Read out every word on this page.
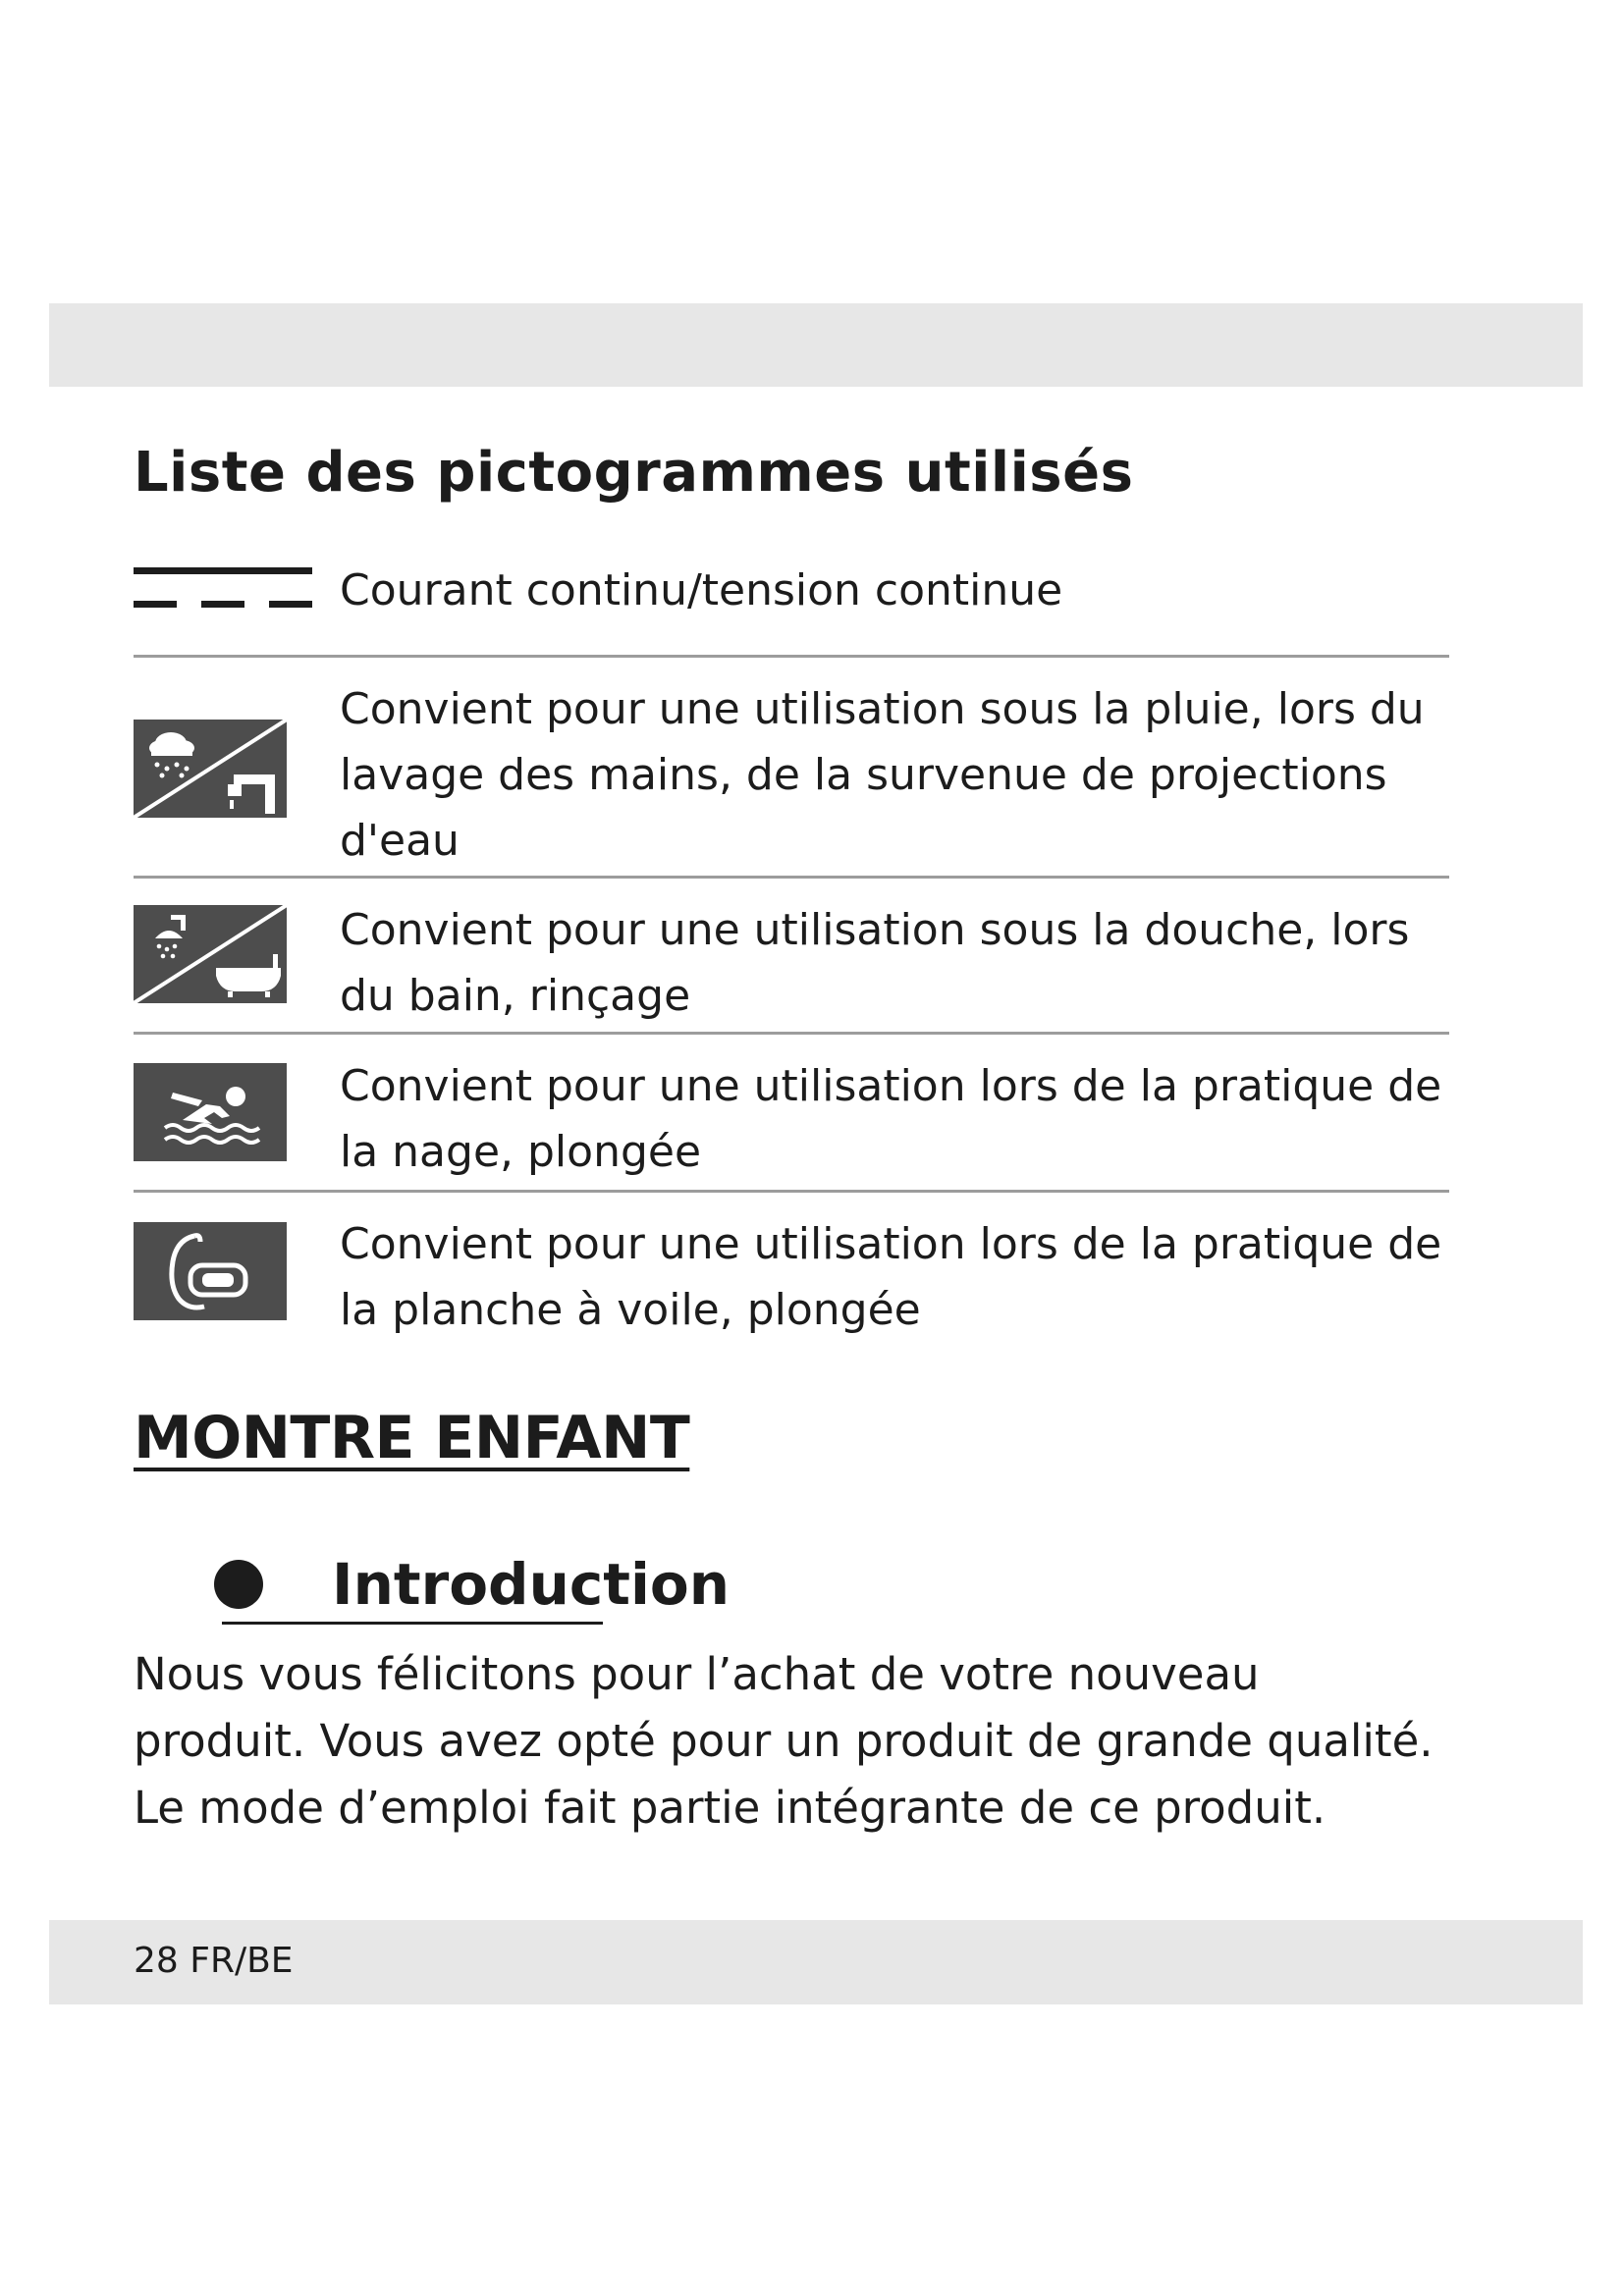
Liste des pictogrammes utilisés
Courant continu/tension continue
Convient pour une utilisation sous la pluie, lors du lavage des mains, de la survenue de projections d'eau
Convient pour une utilisation sous la douche, lors du bain, rinçage
Convient pour une utilisation lors de la pratique de la nage, plongée
Convient pour une utilisation lors de la pratique de la planche à voile, plongée
MONTRE ENFANT
Introduction

Nous vous félicitons pour l’achat de votre nouveau produit. Vous avez opté pour un produit de grande qualité. Le mode d’emploi fait partie intégrante de ce produit.

28 FR/BE
